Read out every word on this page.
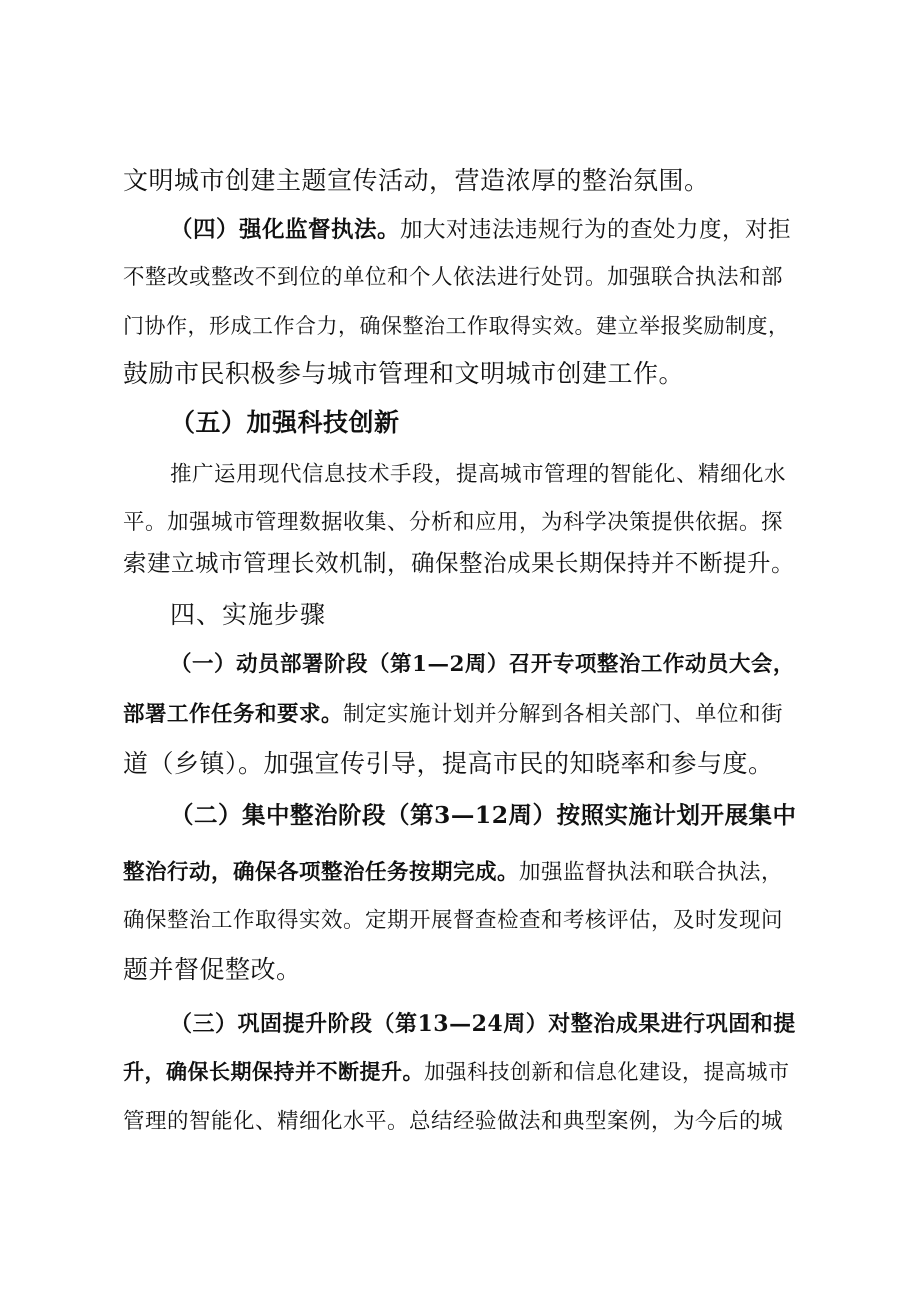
文明城市创建主题宣传活动，营造浓厚的整治氛围。
（四）强化监督执法。加大对违法违规行为的查处力度，对拒
不整改或整改不到位的单位和个人依法进行处罚。加强联合执法和部
门协作，形成工作合力，确保整治工作取得实效。建立举报奖励制度，
鼓励市民积极参与城市管理和文明城市创建工作。
（五）加强科技创新
推广运用现代信息技术手段，提高城市管理的智能化、精细化水
平。加强城市管理数据收集、分析和应用，为科学决策提供依据。探
索建立城市管理长效机制，确保整治成果长期保持并不断提升。
四、实施步骤
（一）动员部署阶段（第1—2周）召开专项整治工作动员大会，
部署工作任务和要求。制定实施计划并分解到各相关部门、单位和街
道（乡镇）。加强宣传引导，提高市民的知晓率和参与度。
（二）集中整治阶段（第3—12周）按照实施计划开展集中
整治行动，确保各项整治任务按期完成。加强监督执法和联合执法，
确保整治工作取得实效。定期开展督查检查和考核评估，及时发现问
题并督促整改。
（三）巩固提升阶段（第13—24周）对整治成果进行巩固和提
升，确保长期保持并不断提升。加强科技创新和信息化建设，提高城市
管理的智能化、精细化水平。总结经验做法和典型案例，为今后的城
